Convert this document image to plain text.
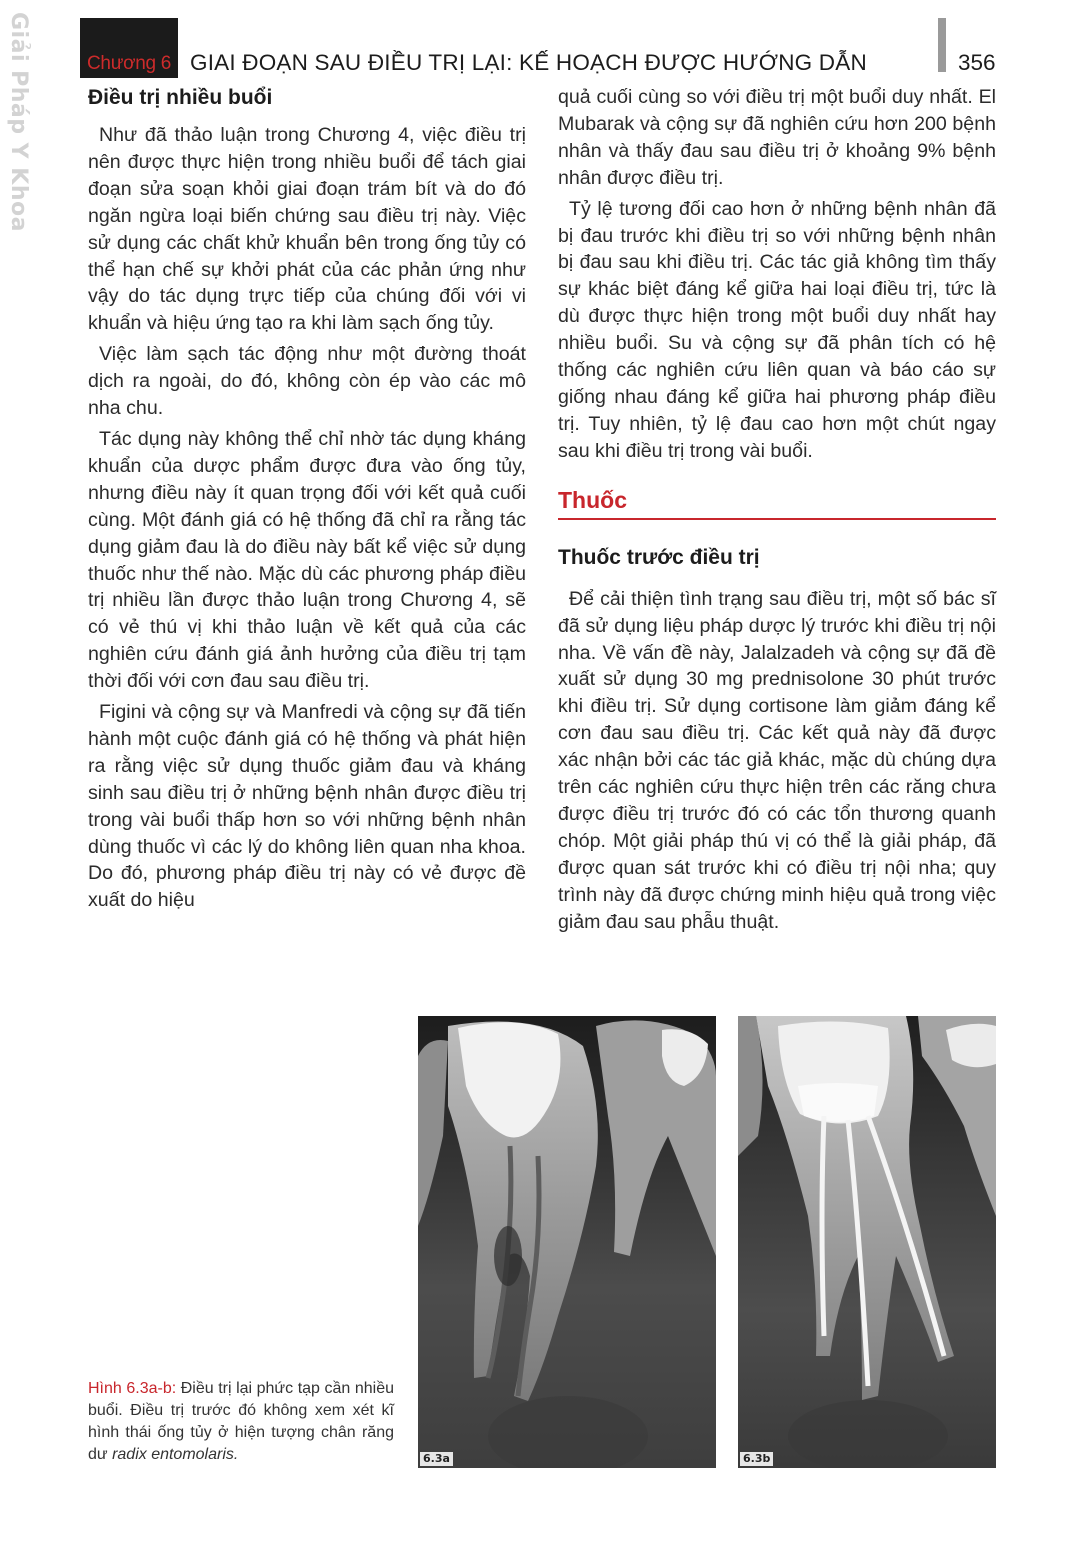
Giải Pháp Y Khoa	Chương 6 GIAI ĐOẠN SAU ĐIỀU TRỊ LẠI: KẾ HOẠCH ĐƯỢC HƯỚNG DẪN	356
Điều trị nhiều buổi

Như đã thảo luận trong Chương 4, việc điều trị nên được thực hiện trong nhiều buổi để tách giai đoạn sửa soạn khỏi giai đoạn trám bít và do đó ngăn ngừa loại biến chứng sau điều trị này. Việc sử dụng các chất khử khuẩn bên trong ống tủy có thể hạn chế sự khởi phát của các phản ứng như vậy do tác dụng trực tiếp của chúng đối với vi khuẩn và hiệu ứng tạo ra khi làm sạch ống tủy.

Việc làm sạch tác động như một đường thoát dịch ra ngoài, do đó, không còn ép vào các mô nha chu.

Tác dụng này không thể chỉ nhờ tác dụng kháng khuẩn của dược phẩm được đưa vào ống tủy, nhưng điều này ít quan trọng đối với kết quả cuối cùng. Một đánh giá có hệ thống đã chỉ ra rằng tác dụng giảm đau là do điều này bất kể việc sử dụng thuốc như thế nào. Mặc dù các phương pháp điều trị nhiều lần được thảo luận trong Chương 4, sẽ có vẻ thú vị khi thảo luận về kết quả của các nghiên cứu đánh giá ảnh hưởng của điều trị tạm thời đối với cơn đau sau điều trị.

Figini và cộng sự và Manfredi và cộng sự đã tiến hành một cuộc đánh giá có hệ thống và phát hiện ra rằng việc sử dụng thuốc giảm đau và kháng sinh sau điều trị ở những bệnh nhân được điều trị trong vài buổi thấp hơn so với những bệnh nhân dùng thuốc vì các lý do không liên quan nha khoa. Do đó, phương pháp điều trị này có vẻ được đề xuất do hiệu

quả cuối cùng so với điều trị một buổi duy nhất. El Mubarak và cộng sự đã nghiên cứu hơn 200 bệnh nhân và thấy đau sau điều trị ở khoảng 9% bệnh nhân được điều trị.

Tỷ lệ tương đối cao hơn ở những bệnh nhân đã bị đau trước khi điều trị so với những bệnh nhân bị đau sau khi điều trị. Các tác giả không tìm thấy sự khác biệt đáng kể giữa hai loại điều trị, tức là dù được thực hiện trong một buổi duy nhất hay nhiều buổi. Su và cộng sự đã phân tích có hệ thống các nghiên cứu liên quan và báo cáo sự giống nhau đáng kể giữa hai phương pháp điều trị. Tuy nhiên, tỷ lệ đau cao hơn một chút ngay sau khi điều trị trong vài buổi.

Thuốc
Thuốc trước điều trị

Để cải thiện tình trạng sau điều trị, một số bác sĩ đã sử dụng liệu pháp dược lý trước khi điều trị nội nha. Về vấn đề này, Jalalzadeh và cộng sự đã đề xuất sử dụng 30 mg prednisolone 30 phút trước khi điều trị. Sử dụng cortisone làm giảm đáng kể cơn đau sau điều trị. Các kết quả này đã được xác nhận bởi các tác giả khác, mặc dù chúng dựa trên các nghiên cứu thực hiện trên các răng chưa được điều trị trước đó có các tổn thương quanh chóp. Một giải pháp thú vị có thể là giải pháp, đã được quan sát trước khi có điều trị nội nha; quy trình này đã được chứng minh hiệu quả trong việc giảm đau sau phẫu thuật.

6.3a	6.3b
Hình 6.3a-b: Điều trị lại phức tạp cần nhiều buổi. Điều trị trước đó không xem xét kĩ hình thái ống tủy ở hiện tượng chân răng dư radix entomolaris.
